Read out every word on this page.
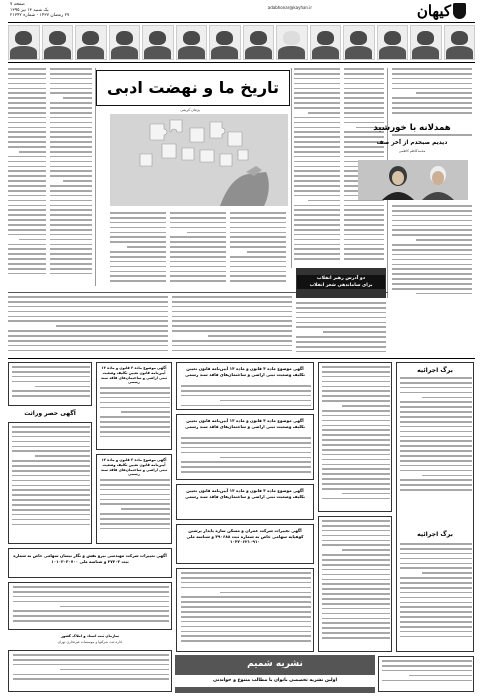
کیهان
adabhonar@kayhan.ir
صفحه ۷
یک شنبه ۱۳ تیر ۱۳۹۵
۲۷ رمضان ۱۴۳۷ - شماره ۲۱۳۴۲
تاریخ ما و نهضت ادبی
پژمان کریمی
همدلانه با خورشید
دیدیم صبحدم از آخر صف
محمدکاظم کاظمی
دو آدرس رهبر انقلاب
برای ساماندهی شعر انقلاب
برگ اجرائیه
برگ اجرائیه
آگهی موضوع ماده ۳ قانون و ماده ۱۳ آیین‌نامه قانون تعیین تکلیف وضعیت ثبتی اراضی و ساختمان‌های فاقد سند رسمی
آگهی موضوع ماده ۳ قانون و ماده ۱۳ آیین‌نامه قانون تعیین تکلیف وضعیت ثبتی اراضی و ساختمان‌های فاقد سند رسمی
آگهی موضوع ماده ۳ قانون و ماده ۱۳ آیین‌نامه قانون تعیین تکلیف وضعیت ثبتی اراضی و ساختمان‌های فاقد سند رسمی
آگهی تغییرات شرکت عمران و مسکن سازه پایدار پرشین کوهپایه سهامی خاص به شماره ثبت ۴۹۰۶۸۸ و شناسه ملی ۱۰۳۲۰۶۲۱۰۹۱۰
آگهی موضوع ماده ۳ قانون و ماده ۱۳ آیین‌نامه قانون تعیین تکلیف وضعیت ثبتی اراضی و ساختمان‌های فاقد سند رسمی
آگهی موضوع ماده ۳ قانون و ماده ۱۳ آیین‌نامه قانون تعیین تکلیف وضعیت ثبتی اراضی و ساختمان‌های فاقد سند رسمی
آگهی حصر وراثت
آگهی تغییرات شرکت مهندسی نیرو نقش و نگار نیسان سهامی خاص به شماره ثبت ۲۷۴۰۳ و شناسه ملی ۱۰۱۰۳۰۳۰۷۰۰
سازمان ثبت اسناد و املاک کشور
اداره ثبت شرکتها و موسسات غیرتجاری تهران
نشریه شمیم
اولین نشریه تخصصی بانوان با مطالب متنوع و خواندنی
